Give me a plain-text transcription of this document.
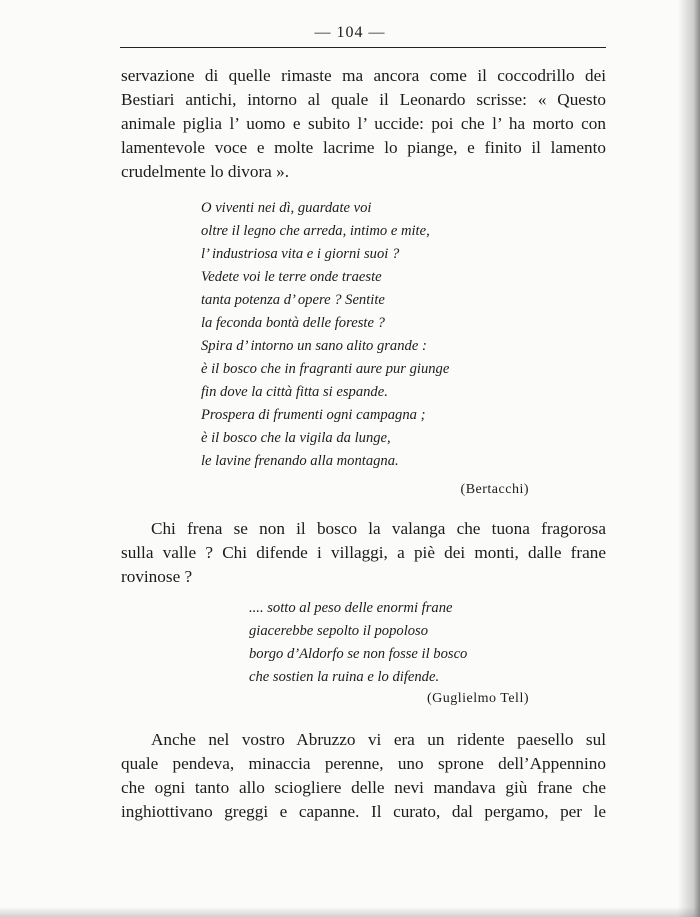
— 104 —
servazione di quelle rimaste ma ancora come il coccodrillo dei
Bestiari antichi, intorno al quale il Leonardo scrisse: « Questo
animale piglia l’ uomo e subito l’ uccide: poi che l’ ha morto con
lamentevole voce e molte lacrime lo piange, e finito il lamento
crudelmente lo divora ».
O viventi nei dì, guardate voi
oltre il legno che arreda, intimo e mite,
l’ industriosa vita e i giorni suoi ?
Vedete voi le terre onde traeste
tanta potenza d’ opere ? Sentite
la feconda bontà delle foreste ?
Spira d’ intorno un sano alito grande :
è il bosco che in fragranti aure pur giunge
fin dove la città fitta si espande.
Prospera di frumenti ogni campagna ;
è il bosco che la vigila da lunge,
le lavine frenando alla montagna.
(Bertacchi)
Chi frena se non il bosco la valanga che tuona fragorosa
sulla valle ? Chi difende i villaggi, a piè dei monti, dalle frane
rovinose ?
.... sotto al peso delle enormi frane
giacerebbe sepolto il popoloso
borgo d’Aldorfo se non fosse il bosco
che sostien la ruina e lo difende.
(Guglielmo Tell)
Anche nel vostro Abruzzo vi era un ridente paesello sul
quale pendeva, minaccia perenne, uno sprone dell’Appennino
che ogni tanto allo sciogliere delle nevi mandava giù frane che
inghiottivano greggi e capanne. Il curato, dal pergamo, per le
